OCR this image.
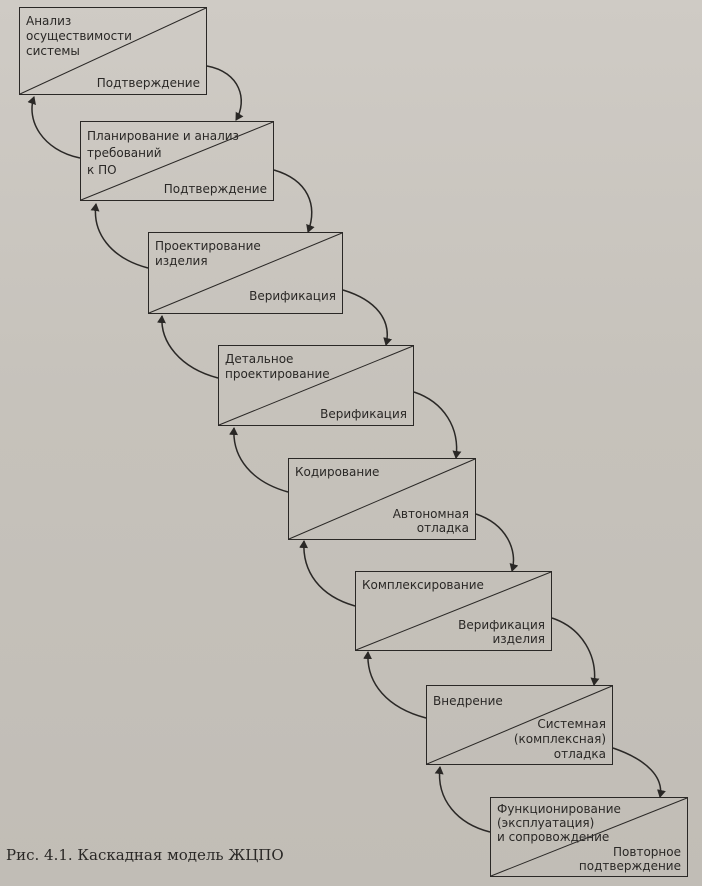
Анализ
осуществимости
системы
Подтверждение
Планирование и анализ
требований
к ПО
Подтверждение
Проектирование
изделия
Верификация
Детальное
проектирование
Верификация
Кодирование
Автономная
отладка
Комплексирование
Верификация
изделия
Внедрение
Системная
(комплексная)
отладка
Функционирование
(эксплуатация)
и сопровождение
Повторное
подтверждение
Рис. 4.1. Каскадная модель ЖЦПО
